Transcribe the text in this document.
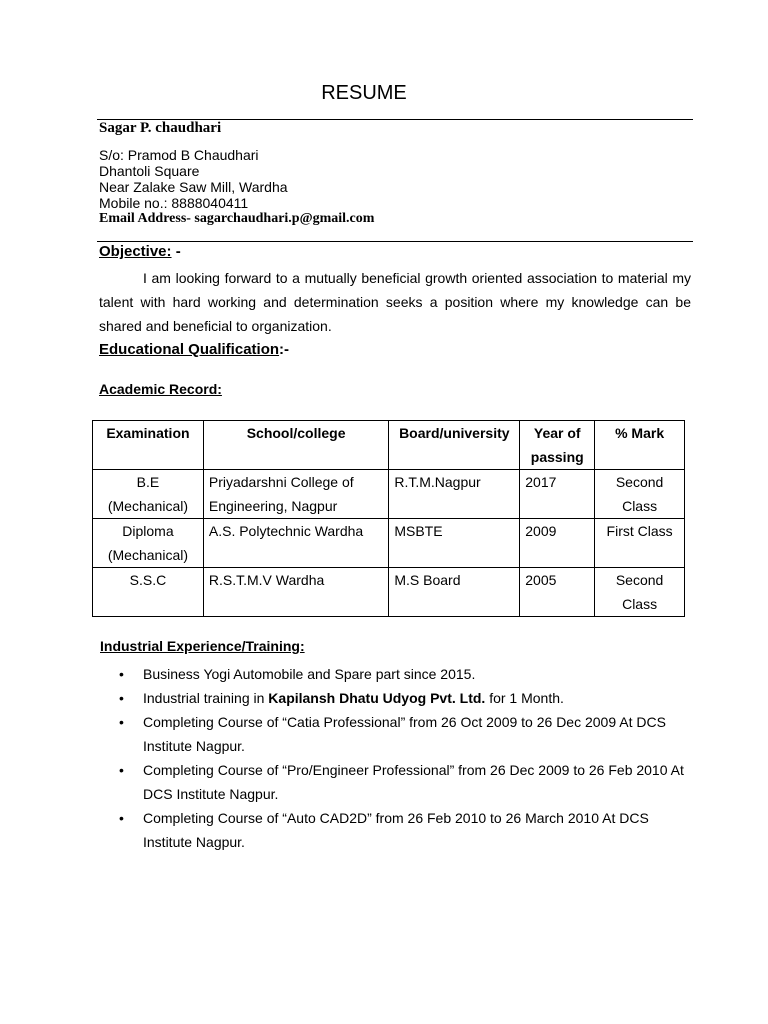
RESUME
Sagar P. chaudhari
S/o: Pramod B Chaudhari
Dhantoli Square
Near Zalake Saw Mill, Wardha
Mobile no.: 8888040411
Email Address- sagarchaudhari.p@gmail.com
Objective: -
I am looking forward to a mutually beneficial growth oriented association to material my talent with hard working and determination seeks a position where my knowledge can be shared and beneficial to organization.
Educational Qualification:-
Academic Record:
Examination	School/college	Board/university	Year of passing	% Mark
B.E (Mechanical)	Priyadarshni College of Engineering, Nagpur	R.T.M.Nagpur	2017	Second Class
Diploma (Mechanical)	A.S. Polytechnic Wardha	MSBTE	2009	First Class
S.S.C	R.S.T.M.V Wardha	M.S Board	2005	Second Class
Industrial Experience/Training:
• Business Yogi Automobile and Spare part since 2015.
• Industrial training in Kapilansh Dhatu Udyog Pvt. Ltd. for 1 Month.
• Completing Course of “Catia Professional” from 26 Oct 2009 to 26 Dec 2009 At DCS Institute Nagpur.
• Completing Course of “Pro/Engineer Professional” from 26 Dec 2009 to 26 Feb 2010 At DCS Institute Nagpur.
• Completing Course of “Auto CAD2D” from 26 Feb 2010 to 26 March 2010 At DCS Institute Nagpur.
